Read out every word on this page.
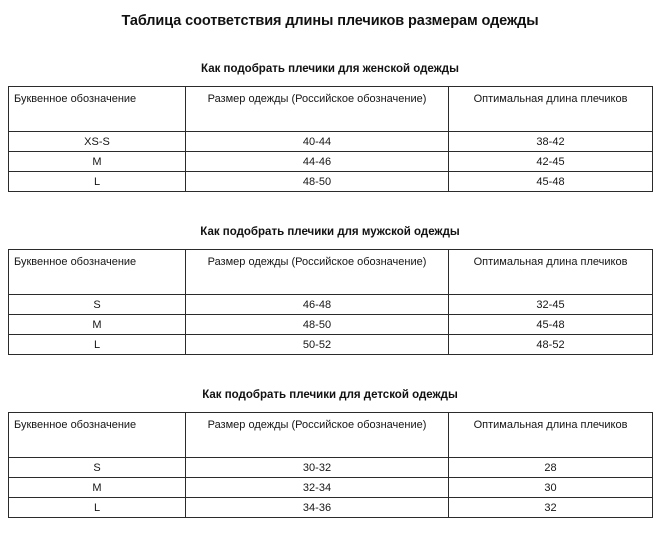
Таблица соответствия длины плечиков размерам одежды
Как подобрать плечики для женской одежды
Буквенное обозначение	Размер одежды (Российское обозначение)	Оптимальная длина плечиков
XS-S	40-44	38-42
M	44-46	42-45
L	48-50	45-48
Как подобрать плечики для мужской одежды
Буквенное обозначение	Размер одежды (Российское обозначение)	Оптимальная длина плечиков
S	46-48	32-45
M	48-50	45-48
L	50-52	48-52
Как подобрать плечики для детской одежды
Буквенное обозначение	Размер одежды (Российское обозначение)	Оптимальная длина плечиков
S	30-32	28
M	32-34	30
L	34-36	32
